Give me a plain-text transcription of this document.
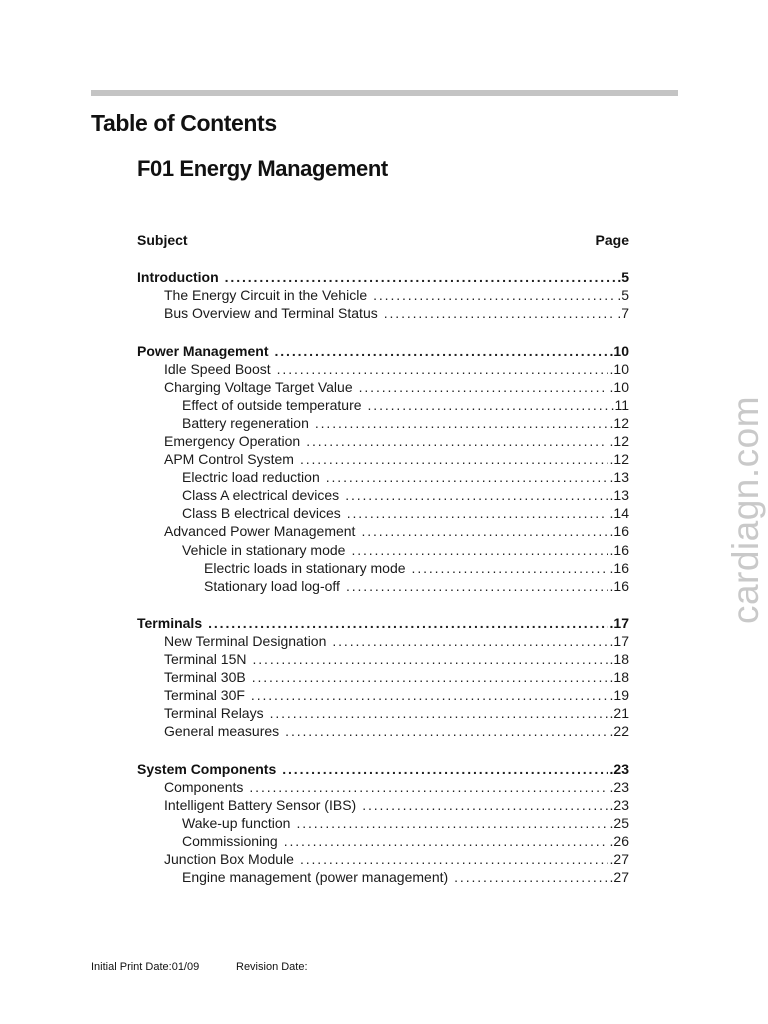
Table of Contents
F01 Energy Management
Subject	Page
Introduction . . .	.5
The Energy Circuit in the Vehicle . . .	.5
Bus Overview and Terminal Status . . .	.7
Power Management . . .	.10
Idle Speed Boost . . .	.10
Charging Voltage Target Value . . .	.10
Effect of outside temperature . . .	.11
Battery regeneration . . .	.12
Emergency Operation . . .	.12
APM Control System . . .	.12
Electric load reduction . . .	.13
Class A electrical devices . . .	.13
Class B electrical devices . . .	.14
Advanced Power Management . . .	.16
Vehicle in stationary mode . . .	.16
Electric loads in stationary mode . . .	.16
Stationary load log-off . . .	.16
Terminals . . .	.17
New Terminal Designation . . .	.17
Terminal 15N . . .	.18
Terminal 30B . . .	.18
Terminal 30F . . .	.19
Terminal Relays . . .	.21
General measures . . .	.22
System Components . . .	.23
Components . . .	.23
Intelligent Battery Sensor (IBS) . . .	.23
Wake-up function . . .	.25
Commissioning . . .	.26
Junction Box Module . . .	.27
Engine management (power management) . . .	.27
cardiagn.com
Initial Print Date:01/09	Revision Date:
